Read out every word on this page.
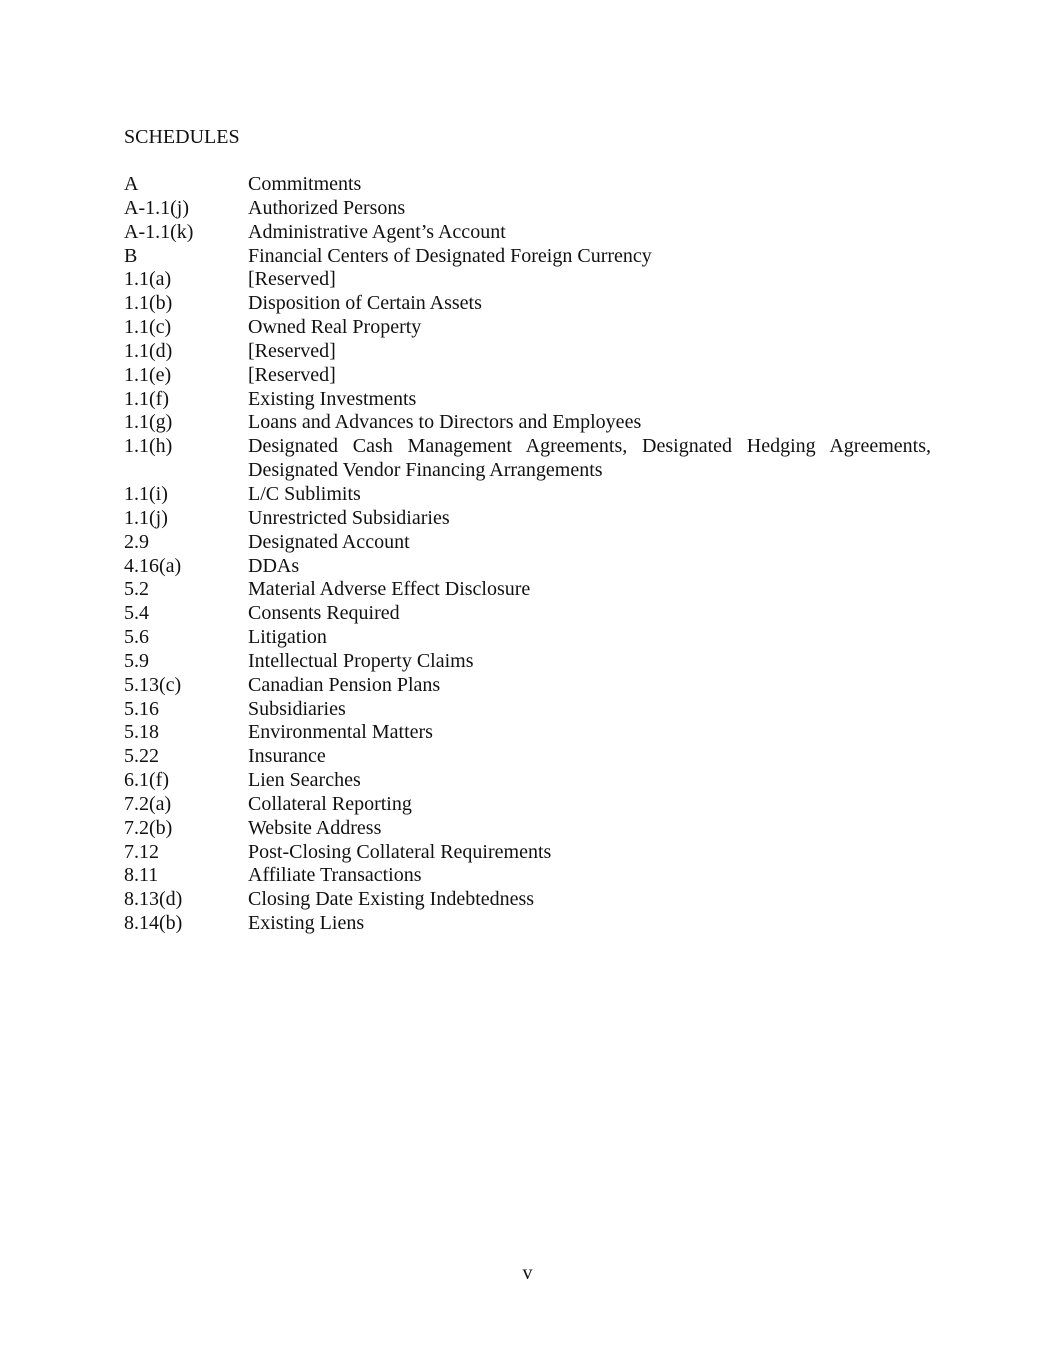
SCHEDULES
A	Commitments
A-1.1(j)	Authorized Persons
A-1.1(k)	Administrative Agent’s Account
B	Financial Centers of Designated Foreign Currency
1.1(a)	[Reserved]
1.1(b)	Disposition of Certain Assets
1.1(c)	Owned Real Property
1.1(d)	[Reserved]
1.1(e)	[Reserved]
1.1(f)	Existing Investments
1.1(g)	Loans and Advances to Directors and Employees
1.1(h)	Designated Cash Management Agreements, Designated Hedging Agreements, Designated Vendor Financing Arrangements
1.1(i)	L/C Sublimits
1.1(j)	Unrestricted Subsidiaries
2.9	Designated Account
4.16(a)	DDAs
5.2	Material Adverse Effect Disclosure
5.4	Consents Required
5.6	Litigation
5.9	Intellectual Property Claims
5.13(c)	Canadian Pension Plans
5.16	Subsidiaries
5.18	Environmental Matters
5.22	Insurance
6.1(f)	Lien Searches
7.2(a)	Collateral Reporting
7.2(b)	Website Address
7.12	Post-Closing Collateral Requirements
8.11	Affiliate Transactions
8.13(d)	Closing Date Existing Indebtedness
8.14(b)	Existing Liens
v
